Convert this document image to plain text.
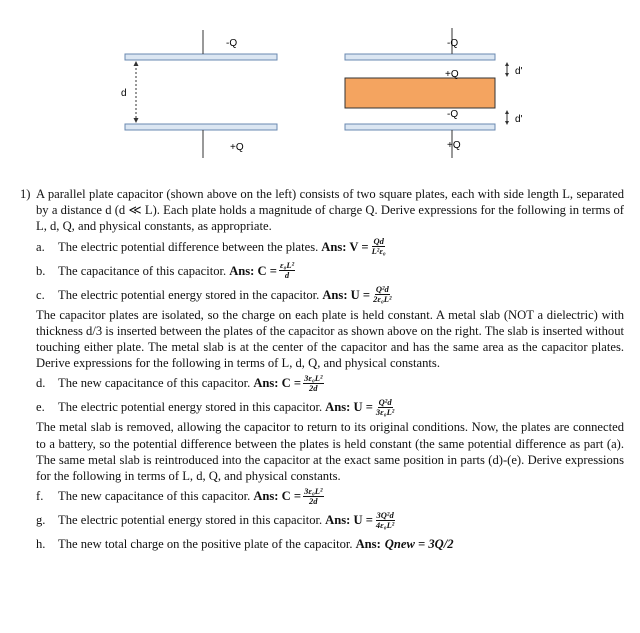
-Q
+Q
d
-Q
+Q
-Q
+Q
d'
d'
1) A parallel plate capacitor (shown above on the left) consists of two square plates, each with side length L, separated by a distance d (d ≪ L). Each plate holds a magnitude of charge Q. Derive expressions for the following in terms of L, d, Q, and physical constants, as appropriate.
a.	The electric potential difference between the plates. Ans: $V = \frac{Qd}{\text{L²ε₀}}$
b. The capacitance of this capacitor. Ans: $C = \frac{\text{ε₀L²}}{d}$
c.	The electric potential energy stored in the capacitor. Ans: $U = \frac{\text{Q²d}}{\text{2ε₀L²}}$
The capacitor plates are isolated, so the charge on each plate is held constant. A metal slab (NOT a dielectric) with thickness d/3 is inserted between the plates of the capacitor as shown above on the right. The slab is inserted without touching either plate. The metal slab is at the center of the capacitor and has the same area as the capacitor plates. Derive expressions for the following in terms of L, d, Q, and physical constants.
d. The new capacitance of this capacitor. Ans: $C = \frac{\text{3ε₀L²}}{2d}$
e.	The electric potential energy stored in this capacitor. Ans: $U = \frac{\text{Q²d}}{\text{3ε₀L²}}$
The metal slab is removed, allowing the capacitor to return to its original conditions. Now, the plates are connected to a battery, so the potential difference between the plates is held constant (the same potential difference as part (a). The same metal slab is reintroduced into the capacitor at the exact same position in parts (d)-(e). Derive expressions for the following in terms of L, d, Q, and physical constants.
f.	The new capacitance of this capacitor. Ans: $C = \frac{\text{3ε₀L²}}{2d}$
g. The electric potential energy stored in this capacitor. Ans: $U = \frac{\text{3Q²d}}{\text{4ε₀L²}}$
h. The new total charge on the positive plate of the capacitor. Ans: Qnew = 3Q/2
